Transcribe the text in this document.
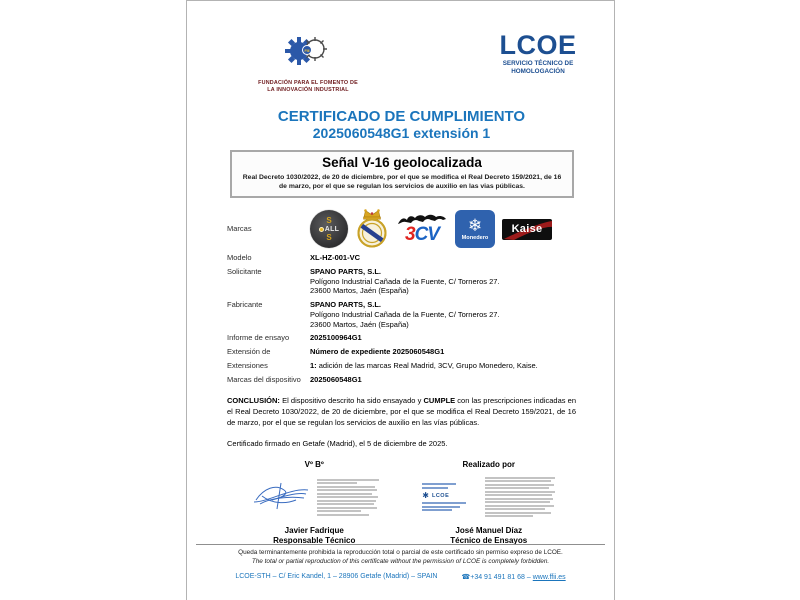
FIII
FUNDACIÓN PARA EL FOMENTO DE
LA INNOVACIÓN INDUSTRIAL
LCOE
SERVICIO TÉCNICO DE
HOMOLOGACIÓN
CERTIFICADO DE CUMPLIMIENTO
2025060548G1 extensión 1
Señal V-16 geolocalizada
Real Decreto 1030/2022, de 20 de diciembre, por el que se modifica el Real Decreto 159/2021, de 16 de marzo, por el que se regulan los servicios de auxilio en las vias públicas.
Marcas
S
ALL
S	3CV ❄
Monedero
Kaise
Modelo	XL-HZ-001-VC
Solicitante	SPANO PARTS, S.L.
Polígono Industrial Cañada de la Fuente, C/ Torneros 27.
23600 Martos, Jaén (España)
Fabricante	SPANO PARTS, S.L.
Polígono Industrial Cañada de la Fuente, C/ Torneros 27.
23600 Martos, Jaén (España)
Informe de ensayo	2025100964G1
Extensión de	Número de expediente 2025060548G1
Extensiones	1: adición de las marcas Real Madrid, 3CV, Grupo Monedero, Kaise.
Marcas del dispositivo	2025060548G1

CONCLUSIÓN: El dispositivo descrito ha sido ensayado y CUMPLE con las prescripciones indicadas en el Real Decreto 1030/2022, de 20 de diciembre, por el que se modifica el Real Decreto 159/2021, de 16 de marzo, por el que se regulan los servicios de auxilio en las vías públicas.

Certificado firmado en Getafe (Madrid), el 5 de diciembre de 2025.
Vº Bº
Javier Fadrique
Responsable Técnico
Realizado por
✱ LCOE
José Manuel Díaz
Técnico de Ensayos
Queda terminantemente prohibida la reproducción total o parcial de este certificado sin permiso expreso de LCOE.
The total or partial reproduction of this certificate without the permission of LCOE is completely forbidden.
LCOE-STH – C/ Eric Kandel, 1 – 28906 Getafe (Madrid) – SPAIN	☎+34 91 491 81 68 – www.ffii.es
